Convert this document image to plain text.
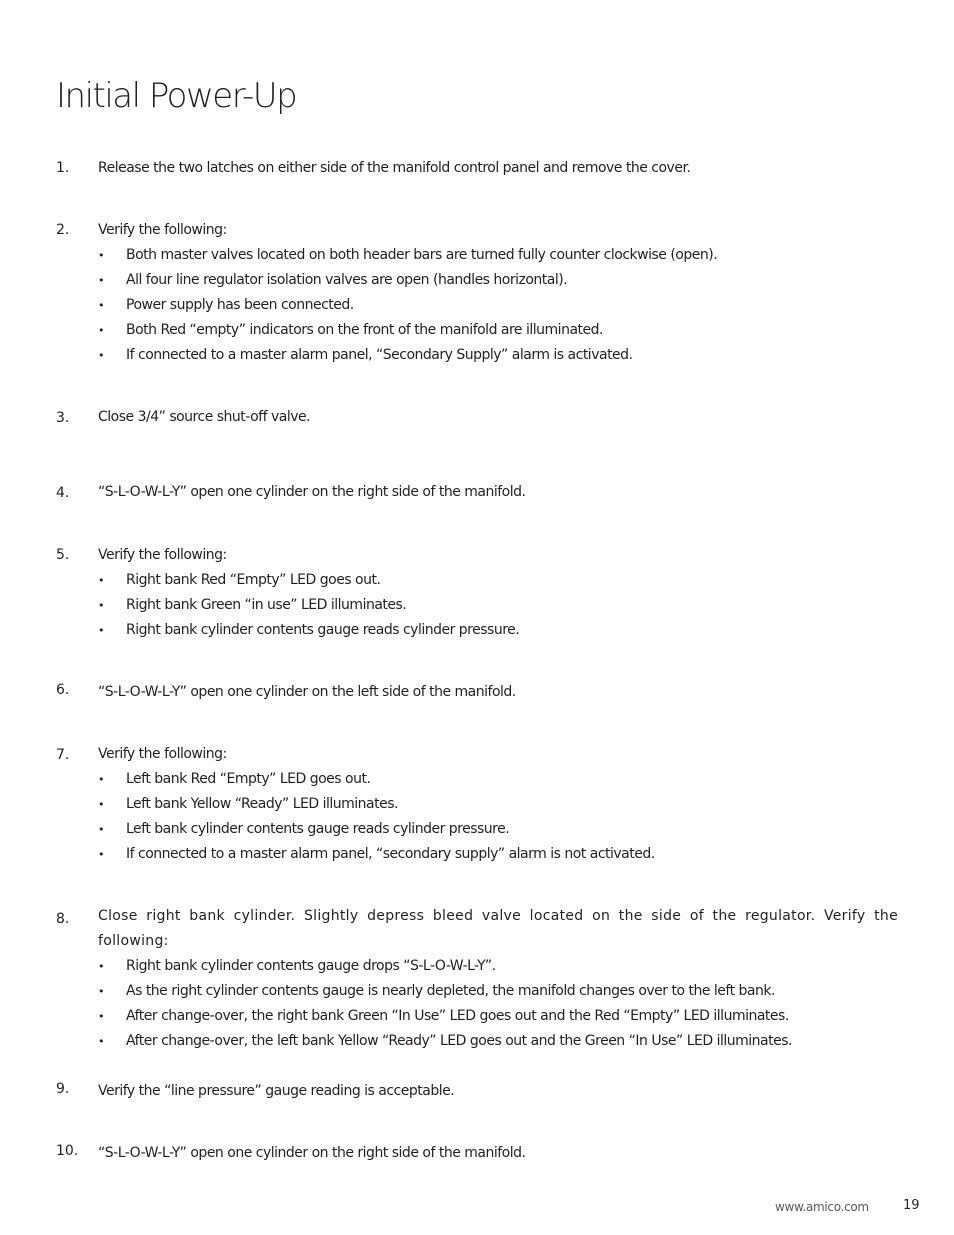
Initial Power-Up
1. Release the two latches on either side of the manifold control panel and remove the cover.
2. Verify the following:
• Both master valves located on both header bars are turned fully counter clockwise (open).
• All four line regulator isolation valves are open (handles horizontal).
• Power supply has been connected.
• Both Red “empty” indicators on the front of the manifold are illuminated.
• If connected to a master alarm panel, “Secondary Supply” alarm is activated.
3. Close 3/4” source shut-off valve.
4. “S-L-O-W-L-Y” open one cylinder on the right side of the manifold.
5. Verify the following:
• Right bank Red “Empty” LED goes out.
• Right bank Green “in use” LED illuminates.
• Right bank cylinder contents gauge reads cylinder pressure.
6. “S-L-O-W-L-Y” open one cylinder on the left side of the manifold.
7. Verify the following:
• Left bank Red “Empty” LED goes out.
• Left bank Yellow “Ready” LED illuminates.
• Left bank cylinder contents gauge reads cylinder pressure.
• If connected to a master alarm panel, “secondary supply” alarm is not activated.
8. Close right bank cylinder. Slightly depress bleed valve located on the side of the regulator. Verify the following:
• Right bank cylinder contents gauge drops “S-L-O-W-L-Y”.
• As the right cylinder contents gauge is nearly depleted, the manifold changes over to the left bank.
• After change-over, the right bank Green “In Use” LED goes out and the Red “Empty” LED illuminates.
• After change-over, the left bank Yellow “Ready” LED goes out and the Green “In Use” LED illuminates.
9. Verify the “line pressure” gauge reading is acceptable.
10. “S-L-O-W-L-Y” open one cylinder on the right side of the manifold.
www.amico.com	19
